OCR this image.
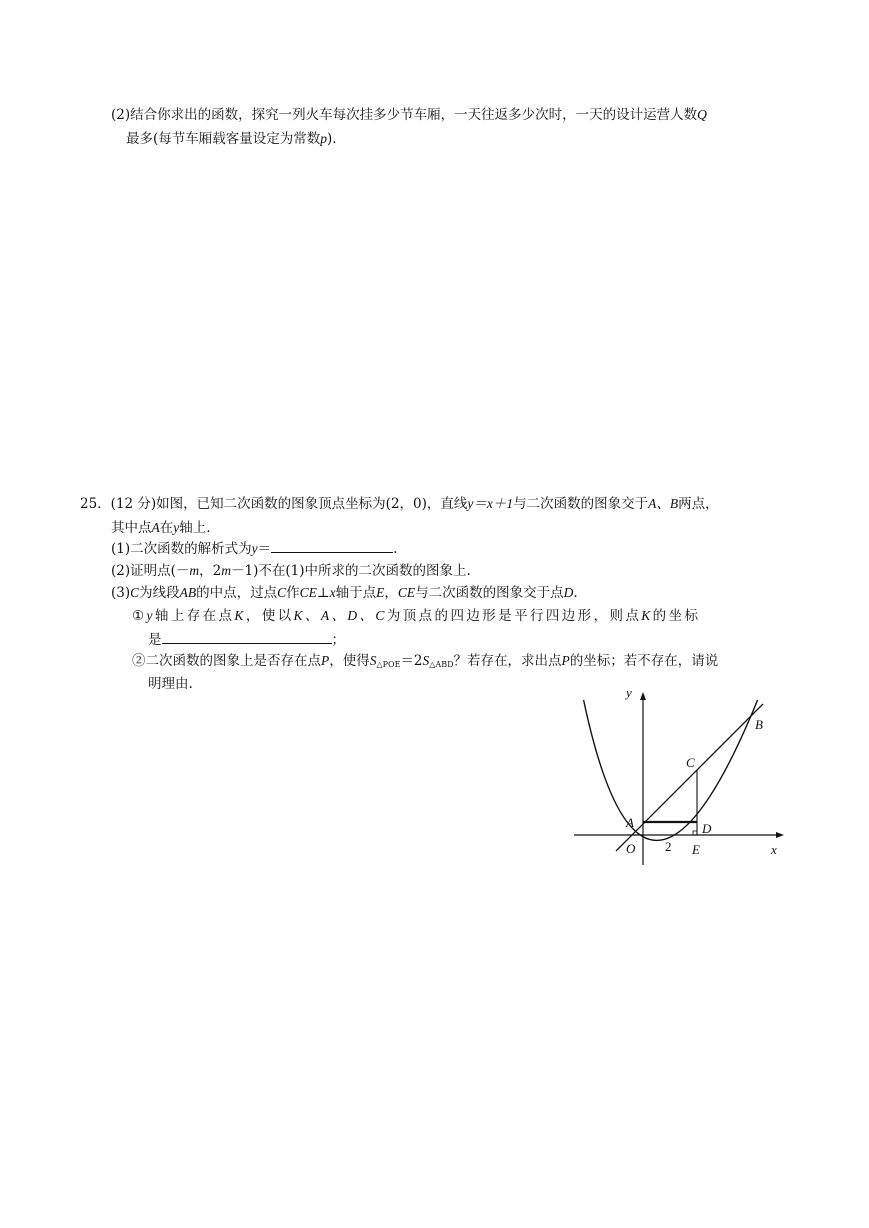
(2)结合你求出的函数，探究一列火车每次挂多少节车厢，一天往返多少次时，一天的设计运营人数Q
最多(每节车厢载客量设定为常数p).
25．(12 分)如图，已知二次函数的图象顶点坐标为(2，0)，直线y＝x＋1与二次函数的图象交于A、B两点，
其中点A在y轴上.
(1)二次函数的解析式为y＝	.
(2)证明点(－m，2m－1)不在(1)中所求的二次函数的图象上.
(3)C为线段AB的中点，过点C作CE⊥x轴于点E，CE与二次函数的图象交于点D.
①y轴上存在点K，使以K、A、D、C为顶点的四边形是平行四边形，则点K的坐标
是	；
②二次函数的图象上是否存在点P，使得$S_{\triangle POE}=2S_{\triangle ABD}$？若存在，求出点P的坐标；若不存在，请说
明理由.
y
x
O
A
B
C
D
E
2
